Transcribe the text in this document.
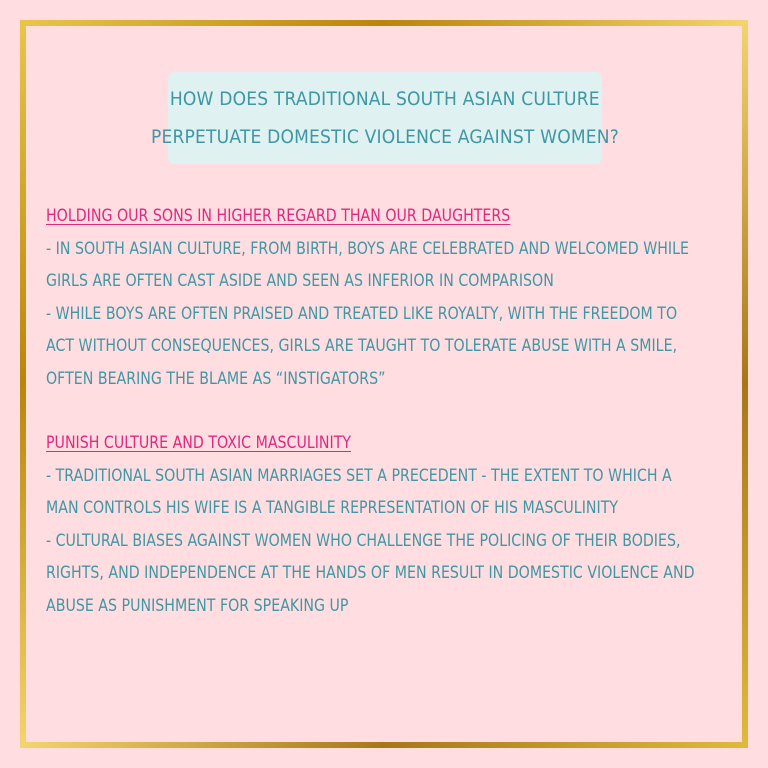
HOW DOES TRADITIONAL SOUTH ASIAN CULTURE
PERPETUATE DOMESTIC VIOLENCE AGAINST WOMEN?
HOLDING OUR SONS IN HIGHER REGARD THAN OUR DAUGHTERS
- IN SOUTH ASIAN CULTURE, FROM BIRTH, BOYS ARE CELEBRATED AND WELCOMED WHILE
GIRLS ARE OFTEN CAST ASIDE AND SEEN AS INFERIOR IN COMPARISON
- WHILE BOYS ARE OFTEN PRAISED AND TREATED LIKE ROYALTY, WITH THE FREEDOM TO
ACT WITHOUT CONSEQUENCES, GIRLS ARE TAUGHT TO TOLERATE ABUSE WITH A SMILE,
OFTEN BEARING THE BLAME AS “INSTIGATORS”
PUNISH CULTURE AND TOXIC MASCULINITY
- TRADITIONAL SOUTH ASIAN MARRIAGES SET A PRECEDENT - THE EXTENT TO WHICH A
MAN CONTROLS HIS WIFE IS A TANGIBLE REPRESENTATION OF HIS MASCULINITY
- CULTURAL BIASES AGAINST WOMEN WHO CHALLENGE THE POLICING OF THEIR BODIES,
RIGHTS, AND INDEPENDENCE AT THE HANDS OF MEN RESULT IN DOMESTIC VIOLENCE AND
ABUSE AS PUNISHMENT FOR SPEAKING UP
